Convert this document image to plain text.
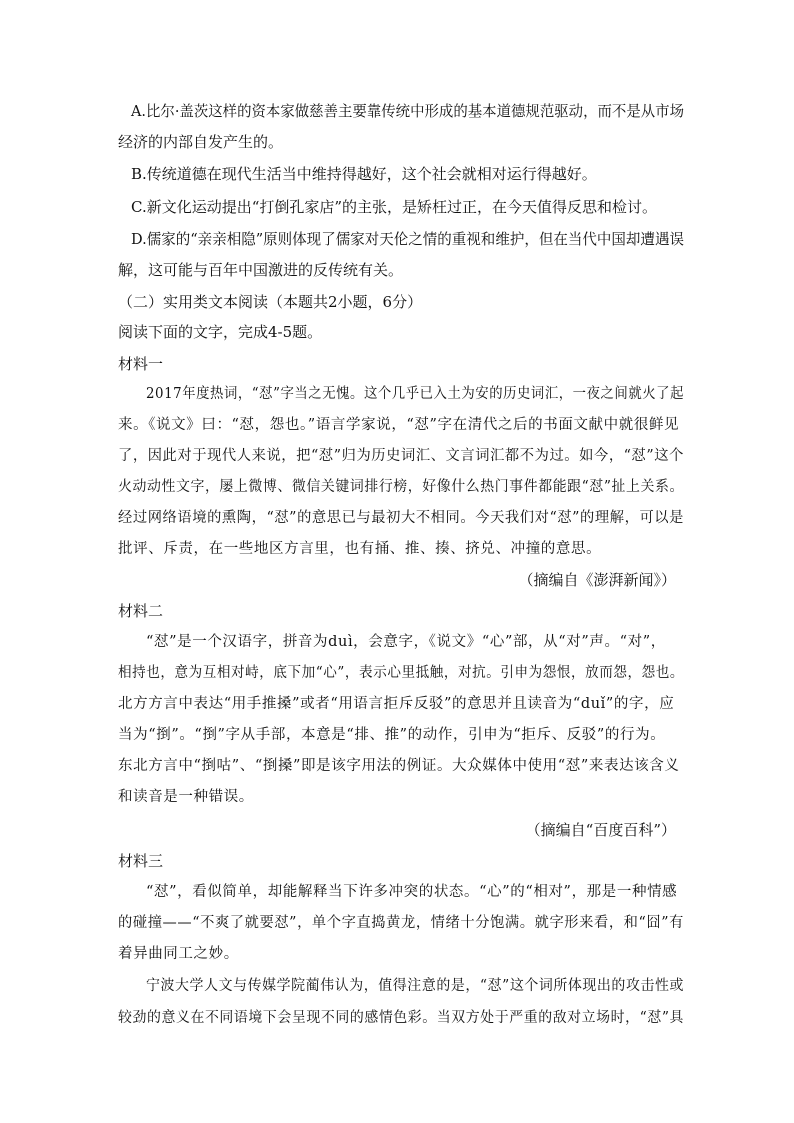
A.比尔·盖茨这样的资本家做慈善主要靠传统中形成的基本道德规范驱动，而不是从市场
经济的内部自发产生的。
B.传统道德在现代生活当中维持得越好，这个社会就相对运行得越好。
C.新文化运动提出“打倒孔家店”的主张，是矫枉过正，在今天值得反思和检讨。
D.儒家的“亲亲相隐”原则体现了儒家对天伦之情的重视和维护，但在当代中国却遭遇误
解，这可能与百年中国激进的反传统有关。
（二）实用类文本阅读（本题共2小题，6分）
阅读下面的文字，完成4-5题。
材料一
2017年度热词，“怼”字当之无愧。这个几乎已入土为安的历史词汇，一夜之间就火了起
来。《说文》曰：“怼，怨也。”语言学家说，“怼”字在清代之后的书面文献中就很鲜见
了，因此对于现代人来说，把“怼”归为历史词汇、文言词汇都不为过。如今，“怼”这个
火动动性文字，屡上微博、微信关键词排行榜，好像什么热门事件都能跟“怼”扯上关系。
经过网络语境的熏陶，“怼”的意思已与最初大不相同。今天我们对“怼”的理解，可以是
批评、斥责，在一些地区方言里，也有捅、推、揍、挤兑、冲撞的意思。
（摘编自《澎湃新闻》）
材料二
“怼”是一个汉语字，拼音为duì，会意字，《说文》“心”部，从“对”声。“对”，
相持也，意为互相对峙，底下加“心”，表示心里抵触，对抗。引申为怨恨，放而怨，怨也。
北方方言中表达“用手推搡”或者“用语言拒斥反驳”的意思并且读音为“duǐ”的字，应
当为“捯”。“捯”字从手部，本意是“排、推”的动作，引申为“拒斥、反驳”的行为。
东北方言中“捯咕”、“捯搡”即是该字用法的例证。大众媒体中使用“怼”来表达该含义
和读音是一种错误。
（摘编自“百度百科”）
材料三
“怼”，看似简单，却能解释当下许多冲突的状态。“心”的“相对”，那是一种情感
的碰撞——“不爽了就要怼”，单个字直捣黄龙，情绪十分饱满。就字形来看，和“囧”有
着异曲同工之妙。
宁波大学人文与传媒学院蔺伟认为，值得注意的是，“怼”这个词所体现出的攻击性或
较劲的意义在不同语境下会呈现不同的感情色彩。当双方处于严重的敌对立场时，“怼”具
